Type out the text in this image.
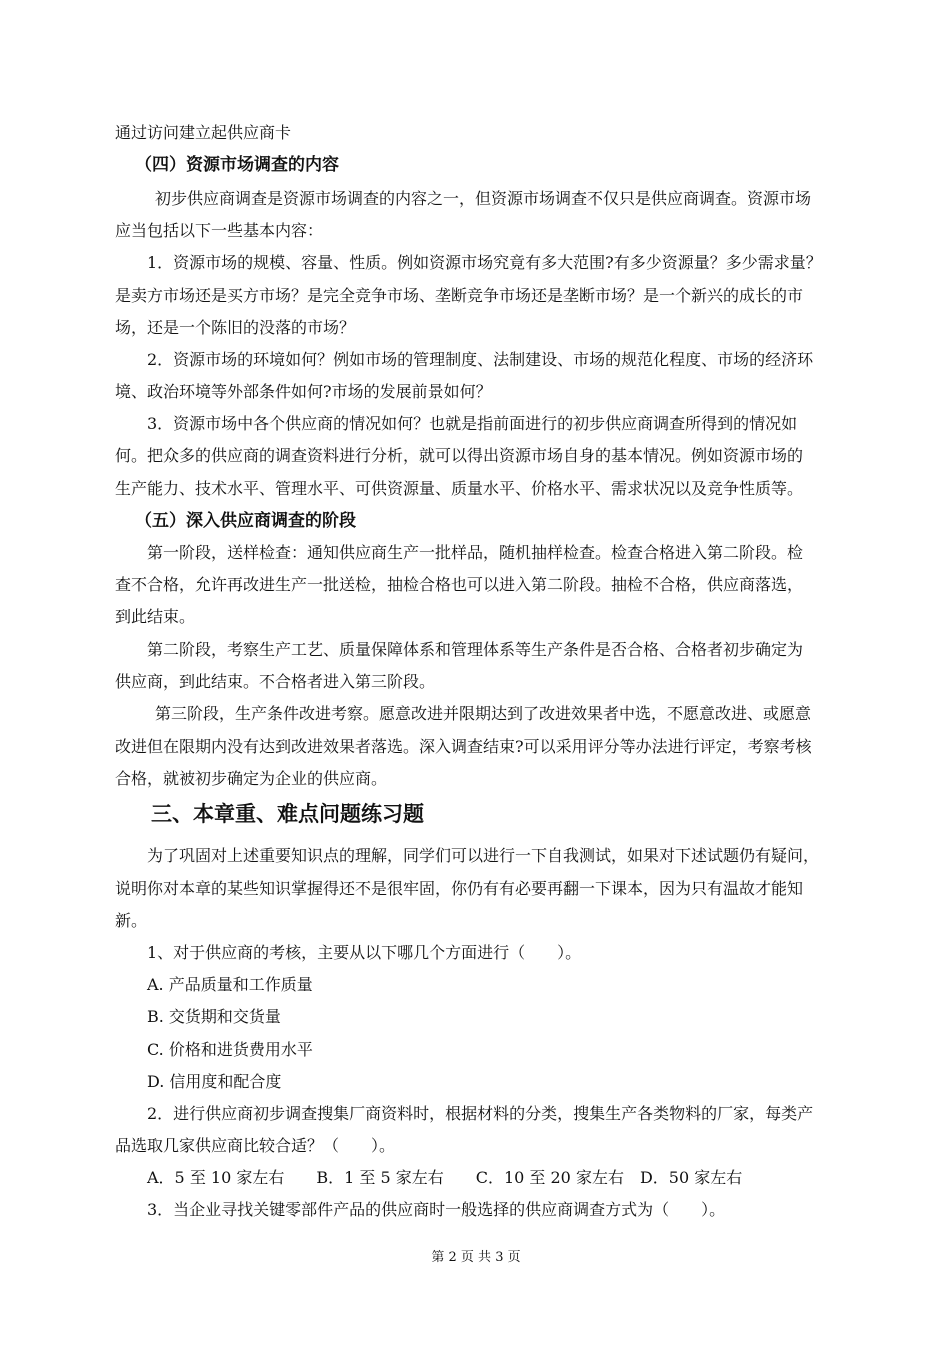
通过访问建立起供应商卡

（四）资源市场调查的内容

初步供应商调查是资源市场调查的内容之一，但资源市场调查不仅只是供应商调查。资源市场

应当包括以下一些基本内容：

1．资源市场的规模、容量、性质。例如资源市场究竟有多大范围?有多少资源量？多少需求量？

是卖方市场还是买方市场？是完全竞争市场、垄断竞争市场还是垄断市场？是一个新兴的成长的市

场，还是一个陈旧的没落的市场？

2．资源市场的环境如何？例如市场的管理制度、法制建设、市场的规范化程度、市场的经济环

境、政治环境等外部条件如何?市场的发展前景如何？

3．资源市场中各个供应商的情况如何？也就是指前面进行的初步供应商调查所得到的情况如

何。把众多的供应商的调查资料进行分析，就可以得出资源市场自身的基本情况。例如资源市场的

生产能力、技术水平、管理水平、可供资源量、质量水平、价格水平、需求状况以及竞争性质等。

（五）深入供应商调查的阶段

第一阶段，送样检查：通知供应商生产一批样品，随机抽样检查。检查合格进入第二阶段。检

查不合格，允许再改进生产一批送检，抽检合格也可以进入第二阶段。抽检不合格，供应商落选，

到此结束。

第二阶段，考察生产工艺、质量保障体系和管理体系等生产条件是否合格、合格者初步确定为

供应商，到此结束。不合格者进入第三阶段。

第三阶段，生产条件改进考察。愿意改进并限期达到了改进效果者中选，不愿意改进、或愿意

改进但在限期内没有达到改进效果者落选。深入调查结束?可以采用评分等办法进行评定，考察考核

合格，就被初步确定为企业的供应商。

三、本章重、难点问题练习题

为了巩固对上述重要知识点的理解，同学们可以进行一下自我测试，如果对下述试题仍有疑问，

说明你对本章的某些知识掌握得还不是很牢固，你仍有有必要再翻一下课本，因为只有温故才能知

新。

1、对于供应商的考核，主要从以下哪几个方面进行（　　）。

A. 产品质量和工作质量

B. 交货期和交货量

C. 价格和进货费用水平

D. 信用度和配合度

2．进行供应商初步调查搜集厂商资料时，根据材料的分类，搜集生产各类物料的厂家，每类产

品选取几家供应商比较合适？（　　）。

A．5 至 10 家左右　　B．1 至 5 家左右　　C．10 至 20 家左右　D．50 家左右

3．当企业寻找关键零部件产品的供应商时一般选择的供应商调查方式为（　　）。

第 2 页 共 3 页
